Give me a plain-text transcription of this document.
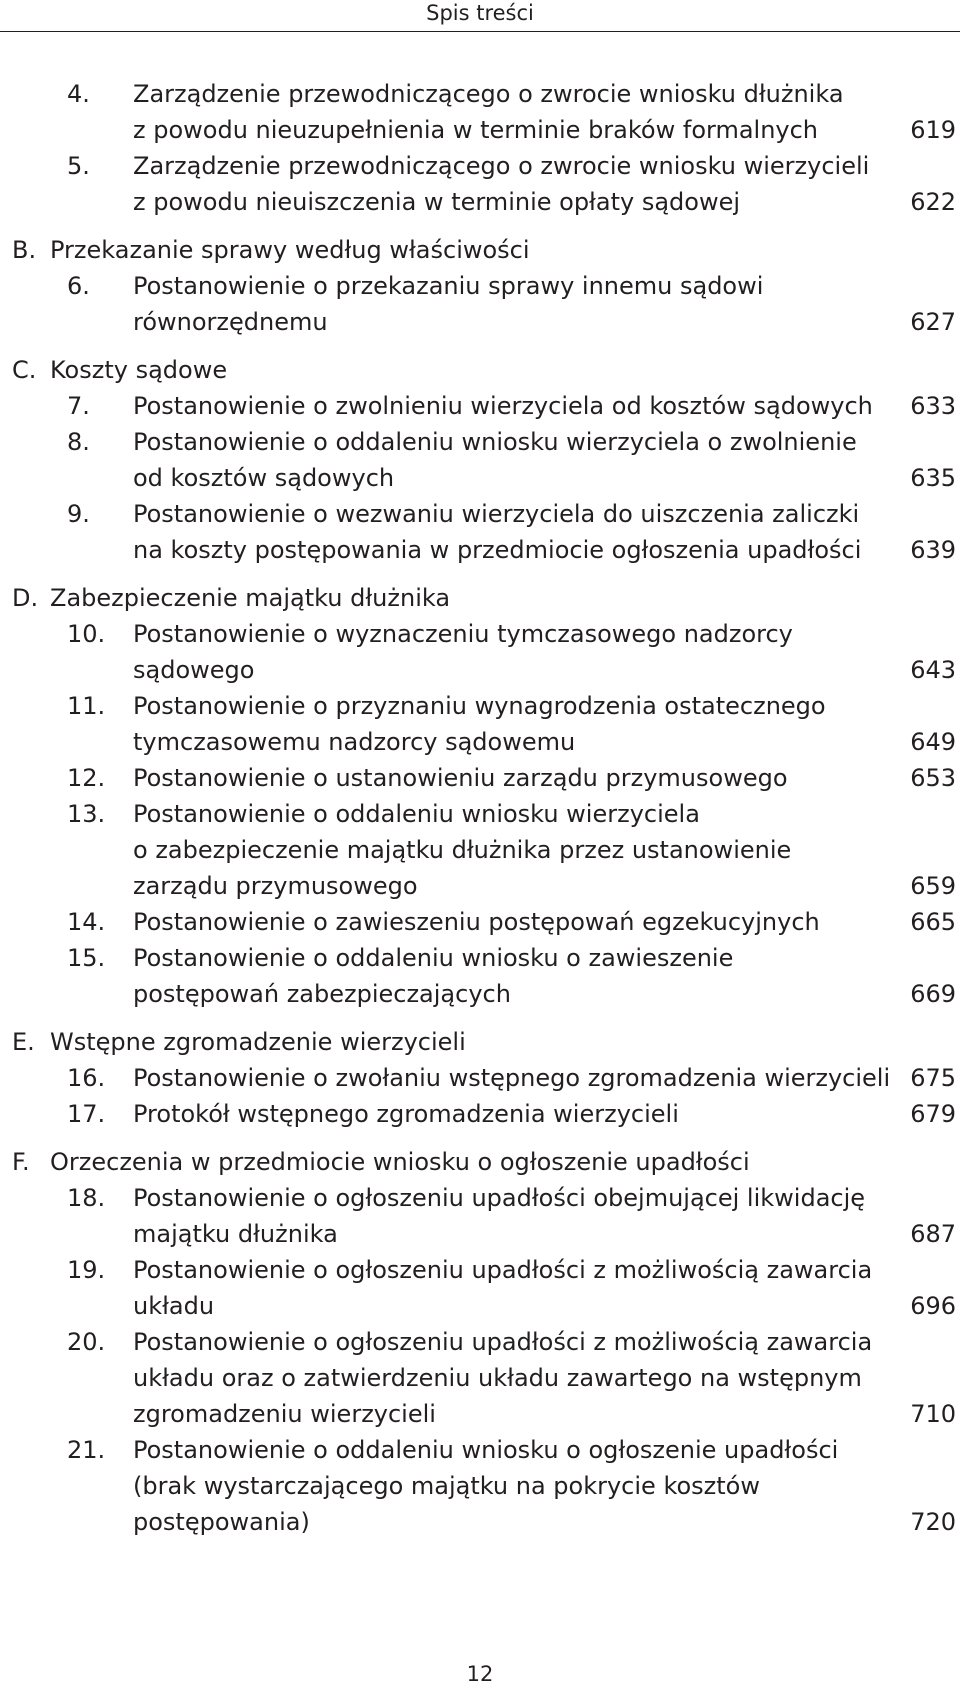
Spis treści
4.	Zarządzenie przewodniczącego o zwrocie wniosku dłużnika
z powodu nieuzupełnienia w terminie braków formalnych	619
5.	Zarządzenie przewodniczącego o zwrocie wniosku wierzycieli
z powodu nieuiszczenia w terminie opłaty sądowej	622
B. Przekazanie sprawy według właściwości
6.	Postanowienie o przekazaniu sprawy innemu sądowi
równorzędnemu	627
C. Koszty sądowe
7.	Postanowienie o zwolnieniu wierzyciela od kosztów sądowych	633
8.	Postanowienie o oddaleniu wniosku wierzyciela o zwolnienie
od kosztów sądowych	635
9.	Postanowienie o wezwaniu wierzyciela do uiszczenia zaliczki
na koszty postępowania w przedmiocie ogłoszenia upadłości	639
D. Zabezpieczenie majątku dłużnika
10.	Postanowienie o wyznaczeniu tymczasowego nadzorcy
sądowego	643
11.	Postanowienie o przyznaniu wynagrodzenia ostatecznego
tymczasowemu nadzorcy sądowemu	649
12.	Postanowienie o ustanowieniu zarządu przymusowego	653
13.	Postanowienie o oddaleniu wniosku wierzyciela
o zabezpieczenie majątku dłużnika przez ustanowienie
zarządu przymusowego	659
14.	Postanowienie o zawieszeniu postępowań egzekucyjnych	665
15.	Postanowienie o oddaleniu wniosku o zawieszenie
postępowań zabezpieczających	669
E. Wstępne zgromadzenie wierzycieli
16.	Postanowienie o zwołaniu wstępnego zgromadzenia wierzycieli 675
17.	Protokół wstępnego zgromadzenia wierzycieli	679
F. Orzeczenia w przedmiocie wniosku o ogłoszenie upadłości
18.	Postanowienie o ogłoszeniu upadłości obejmującej likwidację
majątku dłużnika	687
19.	Postanowienie o ogłoszeniu upadłości z możliwością zawarcia
układu	696
20.	Postanowienie o ogłoszeniu upadłości z możliwością zawarcia
układu oraz o zatwierdzeniu układu zawartego na wstępnym
zgromadzeniu wierzycieli	710
21.	Postanowienie o oddaleniu wniosku o ogłoszenie upadłości
(brak wystarczającego majątku na pokrycie kosztów
postępowania)	720
12
